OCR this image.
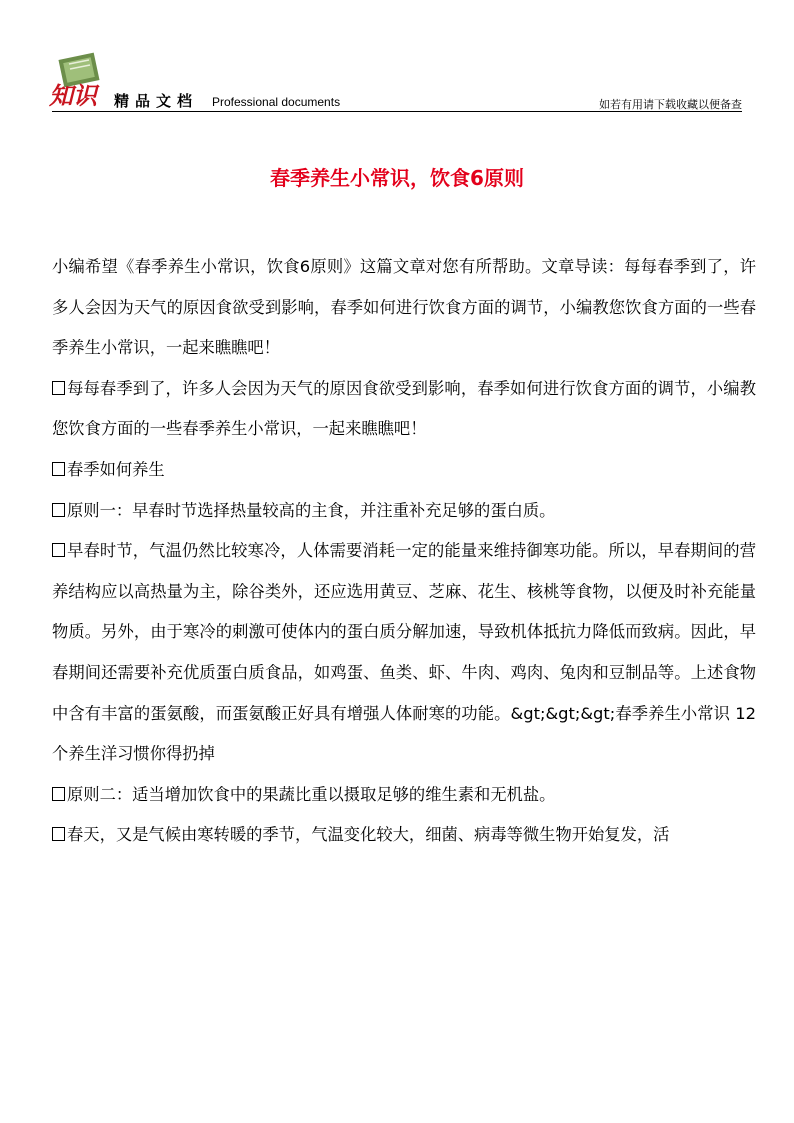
知识 精品文档 Professional documents	如若有用请下载收藏以便备查
春季养生小常识，饮食6原则

小编希望《春季养生小常识，饮食6原则》这篇文章对您有所帮助。文章导读：每每春季到了，许多人会因为天气的原因食欲受到影响，春季如何进行饮食方面的调节，小编教您饮食方面的一些春季养生小常识，一起来瞧瞧吧！

每每春季到了，许多人会因为天气的原因食欲受到影响，春季如何进行饮食方面的调节，小编教您饮食方面的一些春季养生小常识，一起来瞧瞧吧！

春季如何养生

原则一：早春时节选择热量较高的主食，并注重补充足够的蛋白质。

早春时节，气温仍然比较寒冷，人体需要消耗一定的能量来维持御寒功能。所以，早春期间的营养结构应以高热量为主，除谷类外，还应选用黄豆、芝麻、花生、核桃等食物，以便及时补充能量物质。另外，由于寒冷的刺激可使体内的蛋白质分解加速，导致机体抵抗力降低而致病。因此，早春期间还需要补充优质蛋白质食品，如鸡蛋、鱼类、虾、牛肉、鸡肉、兔肉和豆制品等。上述食物中含有丰富的蛋氨酸，而蛋氨酸正好具有增强人体耐寒的功能。&gt;&gt;&gt;春季养生小常识 12个养生洋习惯你得扔掉

原则二：适当增加饮食中的果蔬比重以摄取足够的维生素和无机盐。

春天，又是气候由寒转暖的季节，气温变化较大，细菌、病毒等微生物开始复发，活
